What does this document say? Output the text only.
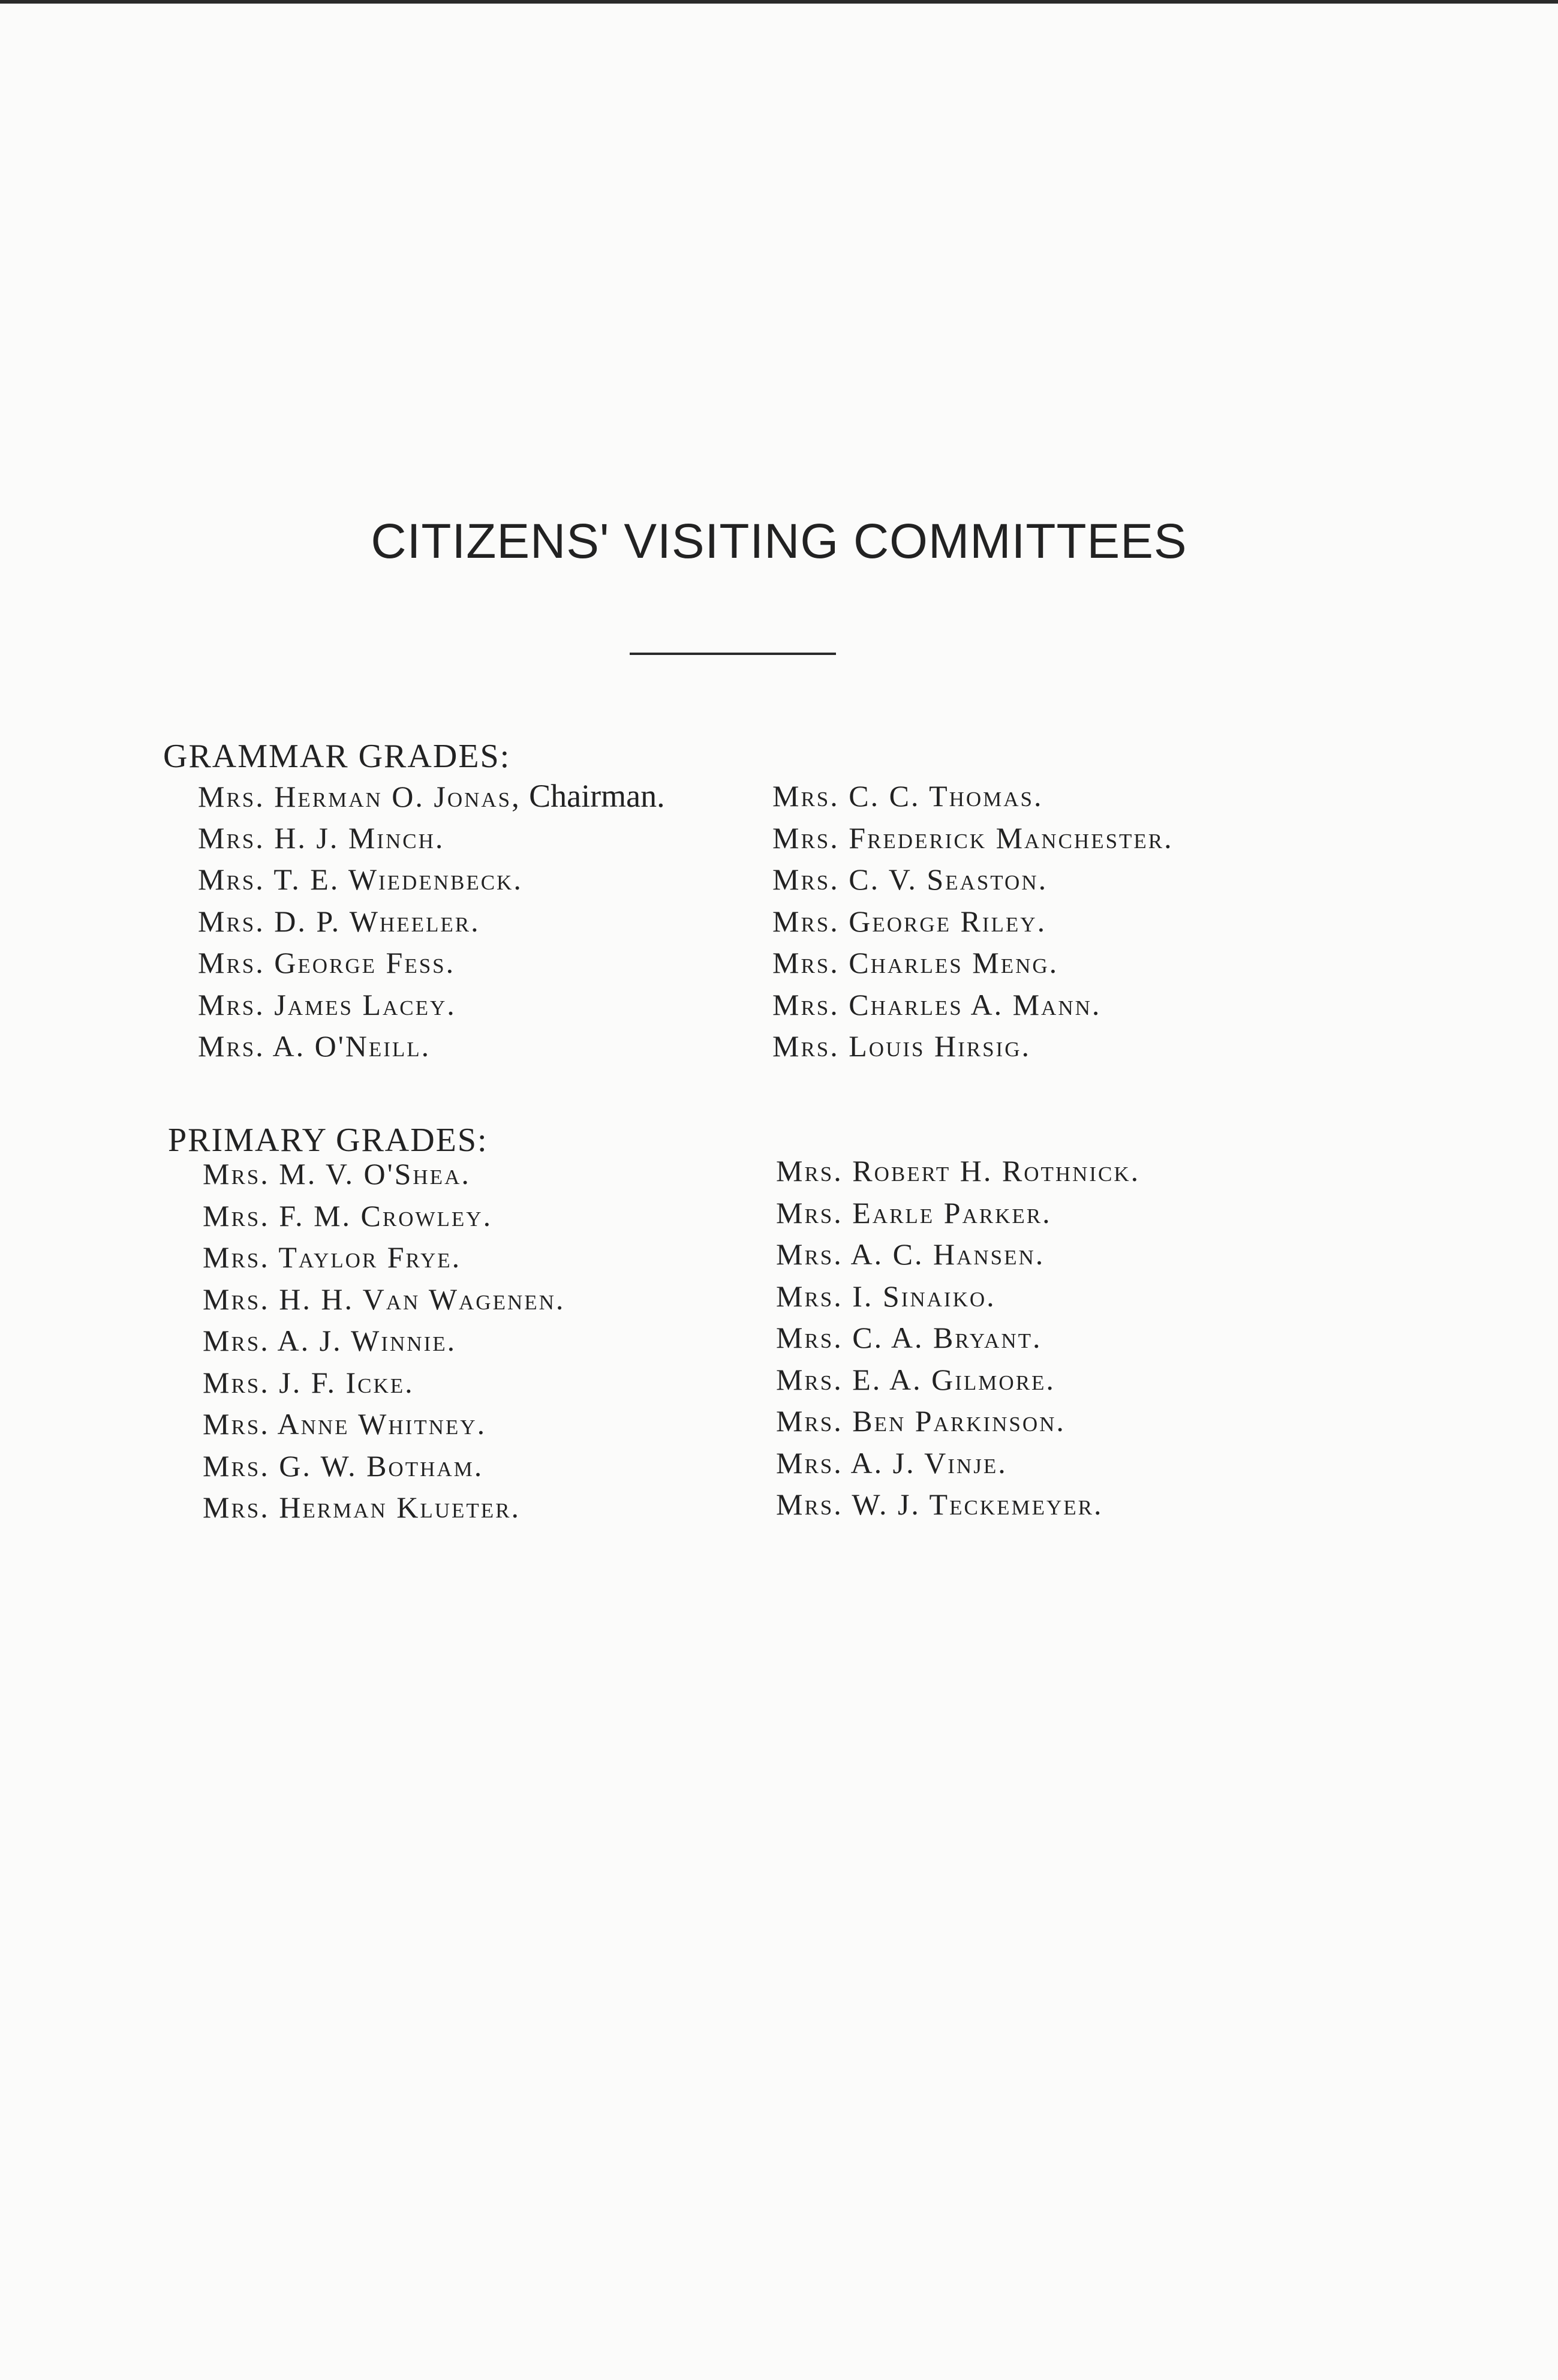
CITIZENS' VISITING COMMITTEES
GRAMMAR GRADES:
Mrs. Herman O. Jonas, Chairman.
Mrs. H. J. Minch.
Mrs. T. E. Wiedenbeck.
Mrs. D. P. Wheeler.
Mrs. George Fess.
Mrs. James Lacey.
Mrs. A. O'Neill.
Mrs. C. C. Thomas.
Mrs. Frederick Manchester.
Mrs. C. V. Seaston.
Mrs. George Riley.
Mrs. Charles Meng.
Mrs. Charles A. Mann.
Mrs. Louis Hirsig.
PRIMARY GRADES:
Mrs. M. V. O'Shea.
Mrs. F. M. Crowley.
Mrs. Taylor Frye.
Mrs. H. H. Van Wagenen.
Mrs. A. J. Winnie.
Mrs. J. F. Icke.
Mrs. Anne Whitney.
Mrs. G. W. Botham.
Mrs. Herman Klueter.
Mrs. Robert H. Rothnick.
Mrs. Earle Parker.
Mrs. A. C. Hansen.
Mrs. I. Sinaiko.
Mrs. C. A. Bryant.
Mrs. E. A. Gilmore.
Mrs. Ben Parkinson.
Mrs. A. J. Vinje.
Mrs. W. J. Teckemeyer.
